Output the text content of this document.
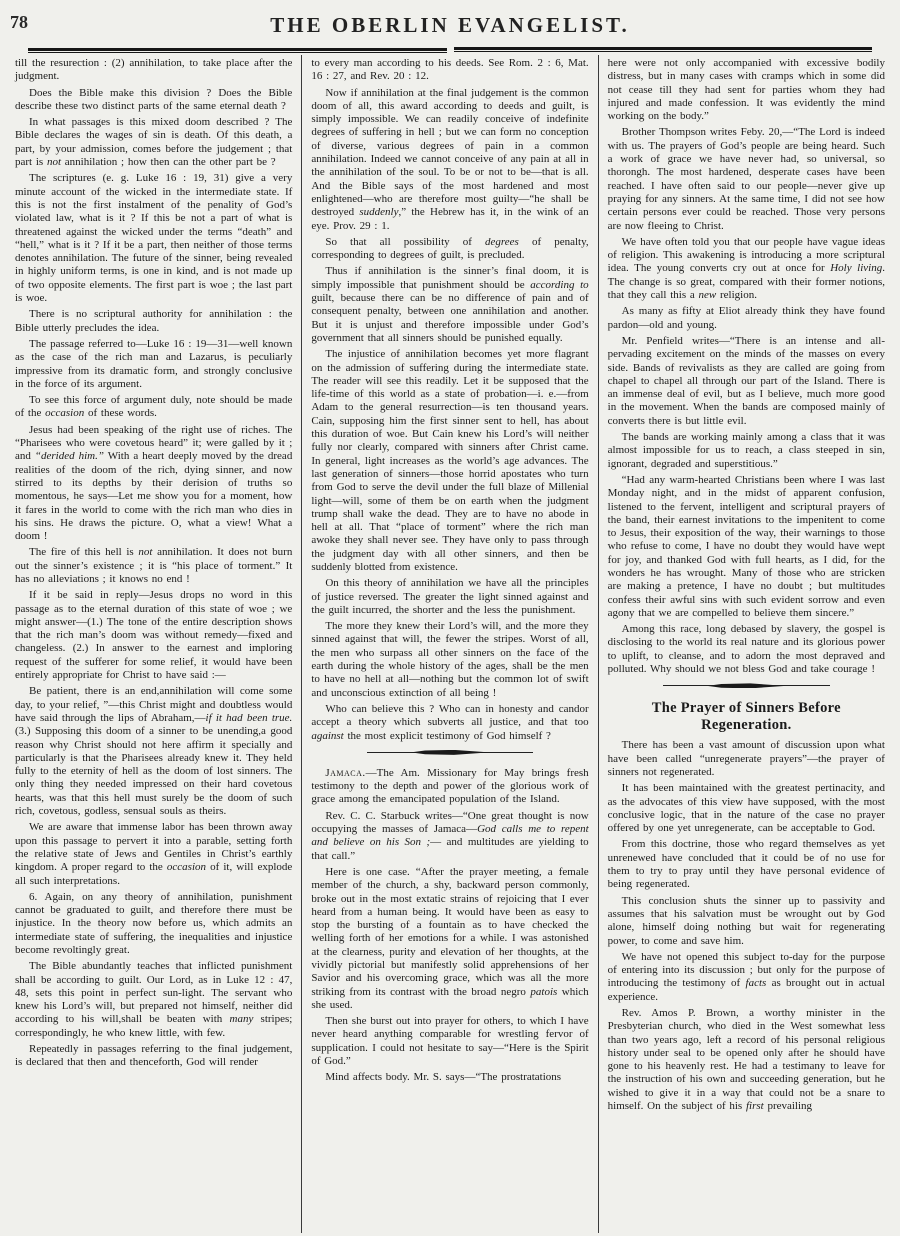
78	THE OBERLIN EVANGELIST.

till the resurection : (2) annihilation, to take place after the judgment.

Does the Bible make this division ? Does the Bible describe these two distinct parts of the same eternal death ?

In what passages is this mixed doom described ? The Bible declares the wages of sin is death. Of this death, a part, by your admission, comes before the judgement ; that part is not annihilation ; how then can the other part be ?

The scriptures (e. g. Luke 16 : 19, 31) give a very minute account of the wicked in the intermediate state. If this is not the first instalment of the penality of God’s violated law, what is it ? If this be not a part of what is threatened against the wicked under the terms “death” and “hell,” what is it ? If it be a part, then neither of those terms denotes annihilation. The future of the sinner, being revealed in highly uniform terms, is one in kind, and is not made up of two opposite elements. The first part is woe ; the last part is woe.

There is no scriptural authority for annihilation : the Bible utterly precludes the idea.

The passage referred to—Luke 16 : 19—31—well known as the case of the rich man and Lazarus, is peculiarly impressive from its dramatic form, and strongly conclusive in the force of its argument.

To see this force of argument duly, note should be made of the occasion of these words.

Jesus had been speaking of the right use of riches. The “Pharisees who were covetous heard” it; were galled by it ; and “derided him.” With a heart deeply moved by the dread realities of the doom of the rich, dying sinner, and now stirred to its depths by their derision of truths so momentous, he says—Let me show you for a moment, how it fares in the world to come with the rich man who dies in his sins. He draws the picture. O, what a view! What a doom !

The fire of this hell is not annihilation. It does not burn out the sinner’s existence ; it is “his place of torment.” It has no alleviations ; it knows no end !

If it be said in reply—Jesus drops no word in this passage as to the eternal duration of this state of woe ; we might answer—(1.) The tone of the entire description shows that the rich man’s doom was without remedy—fixed and changeless. (2.) In answer to the earnest and imploring request of the sufferer for some relief, it would have been entirely appropriate for Christ to have said :—

Be patient, there is an end,annihilation will come some day, to your relief, ”—this Christ might and doubtless would have said through the lips of Abraham,—if it had been true. (3.) Supposing this doom of a sinner to be unending,a good reason why Christ should not here affirm it specially and particularly is that the Pharisees already knew it. They held fully to the eternity of hell as the doom of lost sinners. The only thing they needed impressed on their hard covetous hearts, was that this hell must surely be the doom of such rich, covetous, godless, sensual souls as theirs.

We are aware that immense labor has been thrown away upon this passage to pervert it into a parable, setting forth the relative state of Jews and Gentiles in Christ’s earthly kingdom. A proper regard to the occasion of it, will explode all such interpretations.

6. Again, on any theory of annihilation, punishment cannot be graduated to guilt, and therefore there must be injustice. In the theory now before us, which admits an intermediate state of suffering, the inequalities and injustice become revoltingly great.

The Bible abundantly teaches that inflicted punishment shall be according to guilt. Our Lord, as in Luke 12 : 47, 48, sets this point in perfect sun-light. The servant who knew his Lord’s will, but prepared not himself, neither did according to his will,shall be beaten with many stripes; correspondingly, he who knew little, with few.

Repeatedly in passages referring to the final judgement, is declared that then and thenceforth, God will render

to every man according to his deeds. See Rom. 2 : 6, Mat. 16 : 27, and Rev. 20 : 12.

Now if annihilation at the final judgement is the common doom of all, this award according to deeds and guilt, is simply impossible. We can readily conceive of indefinite degrees of suffering in hell ; but we can form no conception of diverse, various degrees of pain in a common annihilation. Indeed we cannot conceive of any pain at all in the annihilation of the soul. To be or not to be—that is all. And the Bible says of the most hardened and most enlightened—who are therefore most guilty—“he shall be destroyed suddenly,” the Hebrew has it, in the wink of an eye. Prov. 29 : 1.

So that all possibility of degrees of penalty, corresponding to degrees of guilt, is precluded.

Thus if annihilation is the sinner’s final doom, it is simply impossible that punishment should be according to guilt, because there can be no difference of pain and of consequent penalty, between one annihilation and another. But it is unjust and therefore impossible under God’s government that all sinners should be punished equally.

The injustice of annihilation becomes yet more flagrant on the admission of suffering during the intermediate state. The reader will see this readily. Let it be supposed that the life-time of this world as a state of probation—i. e.—from Adam to the general resurrection—is ten thousand years. Cain, supposing him the first sinner sent to hell, has about this duration of woe. But Cain knew his Lord’s will neither fully nor clearly, compared with sinners after Christ came. In general, light increases as the world’s age advances. The last generation of sinners—those horrid apostates who turn from God to serve the devil under the full blaze of Millenial light—will, some of them be on earth when the judgment trump shall wake the dead. They are to have no abode in hell at all. That “place of torment” where the rich man awoke they shall never see. They have only to pass through the judgment day with all other sinners, and then be suddenly blotted from existence.

On this theory of annihilation we have all the principles of justice reversed. The greater the light sinned against and the guilt incurred, the shorter and the less the punishment.

The more they knew their Lord’s will, and the more they sinned against that will, the fewer the stripes. Worst of all, the men who surpass all other sinners on the face of the earth during the whole history of the ages, shall be the men to have no hell at all—nothing but the common lot of swift and unconscious extinction of all being !

Who can believe this ? Who can in honesty and candor accept a theory which subverts all justice, and that too against the most explicit testimony of God himself ?

Jamaca.—The Am. Missionary for May brings fresh testimony to the depth and power of the glorious work of grace among the emancipated population of the Island.

Rev. C. C. Starbuck writes—“One great thought is now occupying the masses of Jamaca—God calls me to repent and believe on his Son ;— and multitudes are yielding to that call.”

Here is one case. “After the prayer meeting, a female member of the church, a shy, backward person commonly, broke out in the most extatic strains of rejoicing that I ever heard from a human being. It would have been as easy to stop the bursting of a fountain as to have checked the welling forth of her emotions for a while. I was astonished at the clearness, purity and elevation of her thoughts, at the vividly pictorial but manifestly solid apprehensions of her Savior and his overcoming grace, which was all the more striking from its contrast with the broad negro patois which she used.

Then she burst out into prayer for others, to which I have never heard anything comparable for wrestling fervor of supplication. I could not hesitate to say—“Here is the Spirit of God.”

Mind affects body. Mr. S. says—“The prostratations

here were not only accompanied with excessive bodily distress, but in many cases with cramps which in some did not cease till they had sent for parties whom they had injured and made confession. It was evidently the mind working on the body.”

Brother Thompson writes Feby. 20,—“The Lord is indeed with us. The prayers of God’s people are being heard. Such a work of grace we have never had, so universal, so thorongh. The most hardened, desperate cases have been reached. I have often said to our people—never give up praying for any sinners. At the same time, I did not see how certain persons ever could be reached. Those very persons are now fleeing to Christ.

We have often told you that our people have vague ideas of religion. This awakening is introducing a more scriptural idea. The young converts cry out at once for Holy living. The change is so great, compared with their former notions, that they call this a new religion.

As many as fifty at Eliot already think they have found pardon—old and young.

Mr. Penfield writes—“There is an intense and all-pervading excitement on the minds of the masses on every side. Bands of revivalists as they are called are going from chapel to chapel all through our part of the Island. There is an immense deal of evil, but as I believe, much more good in the movement. When the bands are composed mainly of converts there is but little evil.

The bands are working mainly among a class that it was almost impossible for us to reach, a class steeped in sin, ignorant, degraded and superstitious.”

“Had any warm-hearted Christians been where I was last Monday night, and in the midst of apparent confusion, listened to the fervent, intelligent and scriptural prayers of the band, their earnest invitations to the impenitent to come to Jesus, their exposition of the way, their warnings to those who refuse to come, I have no doubt they would have wept for joy, and thanked God with full hearts, as I did, for the wonders he has wrought. Many of those who are stricken are making a pretence, I have no doubt ; but multitudes confess their awful sins with such evident sorrow and even agony that we are compelled to believe them sincere.”

Among this race, long debased by slavery, the gospel is disclosing to the world its real nature and its glorious power to uplift, to cleanse, and to adorn the most depraved and polluted. Why should we not bless God and take courage !

The Prayer of Sinners Before Regeneration.

There has been a vast amount of discussion upon what have been called “unregenerate prayers”—the prayer of sinners not regenerated.

It has been maintained with the greatest pertinacity, and as the advocates of this view have supposed, with the most conclusive logic, that in the nature of the case no prayer offered by one yet unregenerate, can be acceptable to God.

From this doctrine, those who regard themselves as yet unrenewed have concluded that it could be of no use for them to try to pray until they have personal evidence of being regenerated.

This conclusion shuts the sinner up to passivity and assumes that his salvation must be wrought out by God alone, himself doing nothing but wait for regenerating power, to come and save him.

We have not opened this subject to-day for the purpose of entering into its discussion ; but only for the purpose of introducing the testimony of facts as brought out in actual experience.

Rev. Amos P. Brown, a worthy minister in the Presbyterian church, who died in the West somewhat less than two years ago, left a record of his personal religious history under seal to be opened only after he should have gone to his heavenly rest. He had a testimany to leave for the instruction of his own and succeeding generation, but he wished to give it in a way that could not be a snare to himself. On the subject of his first prevailing
